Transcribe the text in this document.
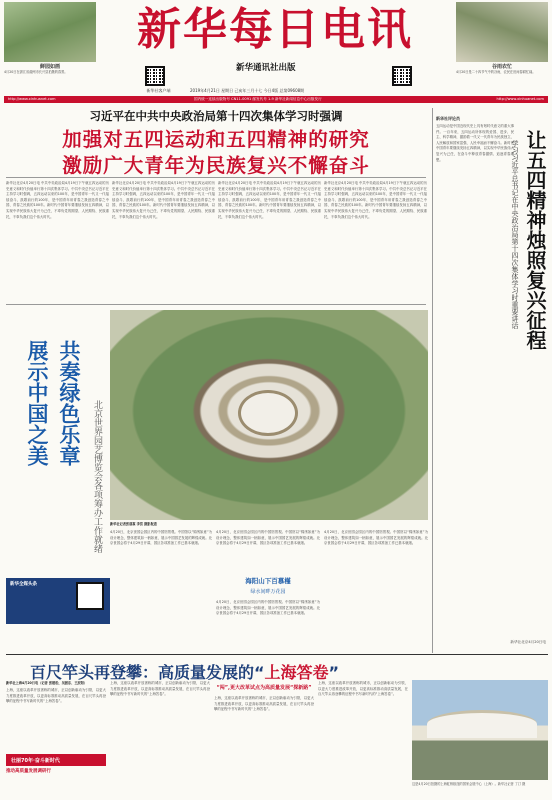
鲜园如画
4月20日在浙江省湖州市长兴县拍摄的春景。
新华每日电讯
新华通讯社出版
新华社客户端	2019年4月21日 星期日 己亥年三月十七 今日4版 总第09608期
谷雨农忙
4月20日是二十四节气中的谷雨，农民在田间春耕忙碌。
http://www.xinhuanet.com	国内统一连续出版物号 CN11-0091 邮发代号 1-9 新华社新闻信息中心出版发行	http://www.xinhuanet.com
习近平在中共中央政治局第十四次集体学习时强调
加强对五四运动和五四精神的研究
激励广大青年为民族复兴不懈奋斗
新华社北京4月20日电 中共中央政治局4月19日下午就五四运动的历史意义和时代价值举行第十四次集体学习。中共中央总书记习近平在主持学习时强调，五四运动以来的100年，是中国青年一代又一代接续奋斗、凯歌前行的100年，是中国青年用青春之我创造青春之中国、青春之民族的100年。新时代中国青年要继续发扬五四精神，以实现中华民族伟大复兴为己任，不辜负党的期望、人民期待、民族重托，不辜负我们这个伟大时代。
新华社北京4月20日电 中共中央政治局4月19日下午就五四运动的历史意义和时代价值举行第十四次集体学习。中共中央总书记习近平在主持学习时强调，五四运动以来的100年，是中国青年一代又一代接续奋斗、凯歌前行的100年，是中国青年用青春之我创造青春之中国、青春之民族的100年。新时代中国青年要继续发扬五四精神，以实现中华民族伟大复兴为己任，不辜负党的期望、人民期待、民族重托，不辜负我们这个伟大时代。
新华社北京4月20日电 中共中央政治局4月19日下午就五四运动的历史意义和时代价值举行第十四次集体学习。中共中央总书记习近平在主持学习时强调，五四运动以来的100年，是中国青年一代又一代接续奋斗、凯歌前行的100年，是中国青年用青春之我创造青春之中国、青春之民族的100年。新时代中国青年要继续发扬五四精神，以实现中华民族伟大复兴为己任，不辜负党的期望、人民期待、民族重托，不辜负我们这个伟大时代。
新华社北京4月20日电 中共中央政治局4月19日下午就五四运动的历史意义和时代价值举行第十四次集体学习。中共中央总书记习近平在主持学习时强调，五四运动以来的100年，是中国青年一代又一代接续奋斗、凯歌前行的100年，是中国青年用青春之我创造青春之中国、青春之民族的100年。新时代中国青年要继续发扬五四精神，以实现中华民族伟大复兴为己任，不辜负党的期望、人民期待、民族重托，不辜负我们这个伟大时代。
展示中国之美 共奏绿色乐章	北京世界园艺博览会各项筹办工作就绪
新华全媒头条
新华社记者张晨霖 李贺 摄影报道
4月20日，北京世园会园区内的中国馆景观。中国馆以“锦绣如意”为设计理念，整体建筑如一柄如意，展示中国园艺发展的辉煌成就。北京世园会将于4月29日开幕，园区各项准备工作已基本就绪。
海阳山下百慕槿
绿水间畔万花园
4月20日，北京世园会园区内的中国馆景观。中国馆以“锦绣如意”为设计理念，整体建筑如一柄如意，展示中国园艺发展的辉煌成就。北京世园会将于4月29日开幕，园区各项准备工作已基本就绪。
4月20日，北京世园会园区内的中国馆景观。中国馆以“锦绣如意”为设计理念，整体建筑如一柄如意，展示中国园艺发展的辉煌成就。北京世园会将于4月29日开幕，园区各项准备工作已基本就绪。
4月20日，北京世园会园区内的中国馆景观。中国馆以“锦绣如意”为设计理念，整体建筑如一柄如意，展示中国园艺发展的辉煌成就。北京世园会将于4月29日开幕，园区各项准备工作已基本就绪。
新华社评论员
五四运动是中国近现代史上具有划时代意义的重大事件。一百年来，五四运动所体现的爱国、进步、民主、科学精神，激励着一代又一代青年为民族独立、人民解放和国家富强、人民幸福而不懈奋斗。新时代中国青年要继续发扬五四精神，以实现中华民族伟大复兴为己任，在奋斗中释放青春激情、追逐青春理想。	让五四精神烛照复兴征程
学习习近平总书记在中央政治局第十四次集体学习时重要讲话
新华社北京4月20日电
百尺竿头再登攀：高质量发展的“上海答卷”
新华社上海4月20日电（记者 张建松、吴振东、王辰阳）
上海，这座以改革开放著称的城市，正以创新驱动为引领，以更大力度推进改革开放，以更高标准推动高质量发展，在百尺竿头再登攀的征程中书写新时代的“上海答卷”。
壮丽70年·奋斗新时代
推动高质量发展调研行
上海，这座以改革开放著称的城市，正以创新驱动为引领，以更大力度推进改革开放，以更高标准推动高质量发展，在百尺竿头再登攀的征程中书写新时代的“上海答卷”。
“闯”,更大改革试点为高质量发展“探新路”
上海，这座以改革开放著称的城市，正以创新驱动为引领，以更大力度推进改革开放，以更高标准推动高质量发展，在百尺竿头再登攀的征程中书写新时代的“上海答卷”。
上海，这座以改革开放著称的城市，正以创新驱动为引领，以更大力度推进改革开放，以更高标准推动高质量发展，在百尺竿头再登攀的征程中书写新时代的“上海答卷”。
这是4月20日拍摄的上海虹桥枢纽的国家会展中心（上海）。新华社记者 丁汀 摄
